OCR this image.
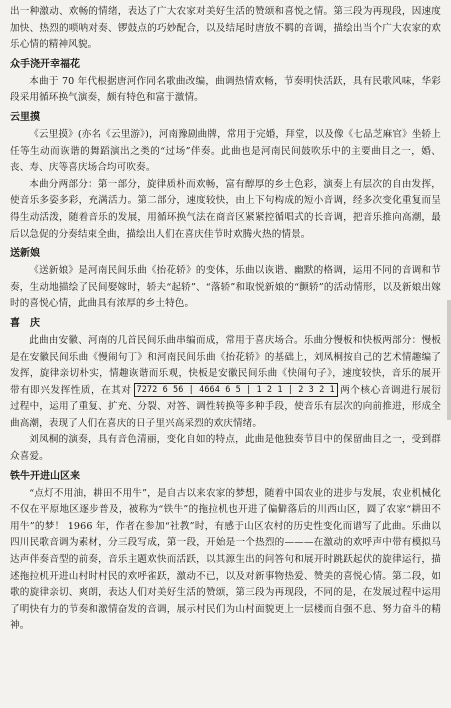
出一种激动、欢畅的情绪，表达了广大农家对美好生活的赞颂和喜悦之情。第三段为再现段，因速度加快、热烈的唢呐对奏、锣鼓点的巧妙配合，以及结尾时唐放不羁的音调，描绘出当个广大农家的欢乐心情的精神风貌。

众手浇开幸福花

本曲于 70 年代根据唐河作同名歌曲改编，曲调热情欢畅，节奏明快活跃，具有民歌风味，华彩段采用循环换气演奏，颇有特色和富于激情。

云里摸

《云里摸》(亦名《云里游》)，河南豫剧曲牌，常用于完婚，拜堂，以及像《七品芝麻官》坐轿上任等生动而诙谐的舞蹈演出之类的“过场”伴奏。此曲也是河南民间鼓吹乐中的主要曲目之一，婚、丧、寿、庆等喜庆场合均可吹奏。

本曲分两部分：第一部分，旋律质朴而欢畅，富有醇厚的乡土色彩，演奏上有层次的自由发挥，使音乐多姿多彩，充满活力。第二部分，速度较快，由上下句构成的短小音调，经多次变化重复而呈得生动活泼，随着音乐的发展，用循环换气法在商音区紧紧控循唱式的长音调，把音乐推向高潮，最后以急促的分奏结束全曲，描绘出人们在喜庆佳节时欢腾火热的情景。

送新娘

《送新娘》是河南民间乐曲《抬花轿》的变体，乐曲以诙谐、幽默的格调，运用不同的音调和节奏，生动地描绘了民间娶嫁时，轿夫“起轿”、“落轿”和取悦新娘的“颤轿”的活动情形，以及新娘出嫁时的喜悦心情，此曲具有浓厚的乡土特色。

喜　庆

此曲由安徽、河南的几首民间乐曲串编而成，常用于喜庆场合。乐曲分慢板和快板两部分：慢板是在安徽民间乐曲《慢闹句丁》和河南民间乐曲《抬花轿》的基础上，刘凤桐按自己的艺术情趣编了发挥，旋律亲切朴实，情趣诙谐而乐观，快板是安徽民间乐曲《快闹句子》，速度较快，音乐的展开带有即兴发挥性质，在其对 7272 6 56 | 4664 6 5 | 1 2 1 | 2 3 2 1 两个核心音调进行展衍过程中，运用了重复、扩充、分裂、对答、调性转换等多种手段，使音乐有层次的向前推进，形成全曲高潮，表现了人们在喜庆的日子里兴高采烈的欢庆情绪。

刘凤桐的演奏，具有音色清丽，变化自如的特点，此曲是他独奏节目中的保留曲目之一，受到群众喜爱。

铁牛开进山区来

“点灯不用油，耕田不用牛”，是自古以来农家的梦想，随着中国农业的进步与发展，农业机械化不仅在平原地区逐步普及，被称为“铁牛”的拖拉机也开进了偏僻落后的川西山区，圆了农家“耕田不用牛”的梦！ 1966 年，作者在参加“社教”时，有感于山区农村的历史性变化而谱写了此曲。乐曲以四川民歌音调为素材，分三段写成，第一段，开始是一个热烈的———在激动的欢呼声中带有模拟马达声伴奏音型的前奏，音乐主题欢快而活跃，以其源生出的问答句和展开时跳跃起伏的旋律运行，描述拖拉机开进山村时村民的欢呼雀跃，激动不已，以及对新事物热爱、赞美的喜悦心情。第二段，如歌的旋律亲切、爽朗，表达人们对美好生活的赞颂，第三段为再现段，不同的是，在发展过程中运用了明快有力的节奏和激情奋发的音调，展示村民们为山村面貌更上一层楼而自强不息、努力奋斗的精神。
